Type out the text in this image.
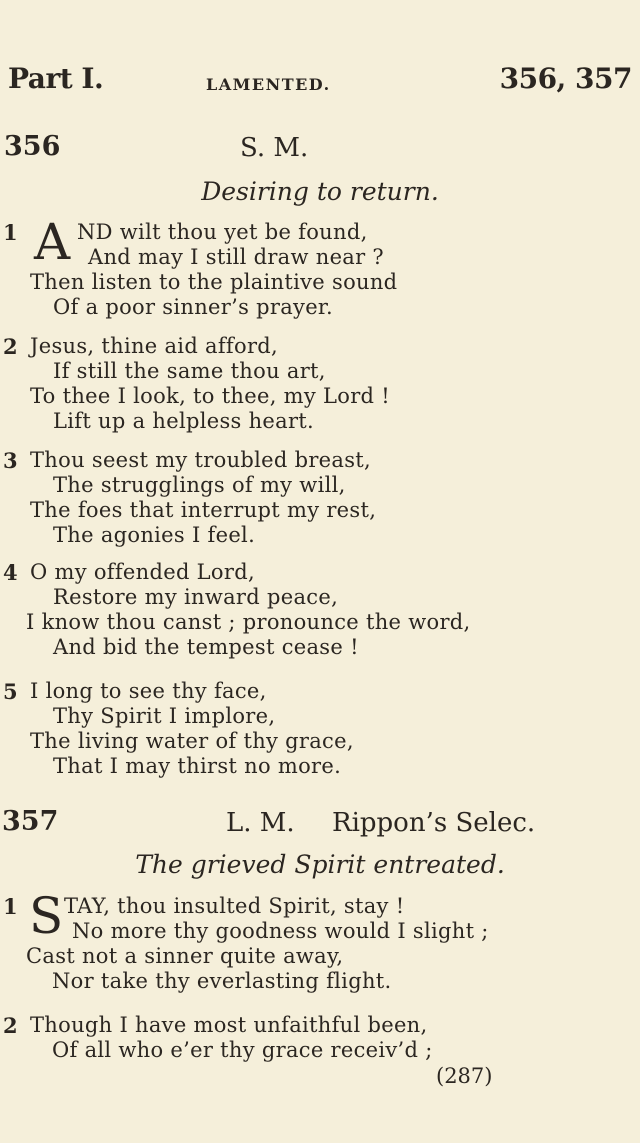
Part I.	LAMENTED.	356, 357
356	S. M.
Desiring to return.
1 A ND wilt thou yet be found,
And may I still draw near ?
Then listen to the plaintive sound
Of a poor sinner’s prayer.
2 Jesus, thine aid afford,
If still the same thou art,
To thee I look, to thee, my Lord !
Lift up a helpless heart.
3 Thou seest my troubled breast,
The strugglings of my will,
The foes that interrupt my rest,
The agonies I feel.
4 O my offended Lord,
Restore my inward peace,
I know thou canst ; pronounce the word,
And bid the tempest cease !
5 I long to see thy face,
Thy Spirit I implore,
The living water of thy grace,
That I may thirst no more.
357	L. M. Rippon’s Selec.
The grieved Spirit entreated.
1 S TAY, thou insulted Spirit, stay !
No more thy goodness would I slight ;
Cast not a sinner quite away,
Nor take thy everlasting flight.
2 Though I have most unfaithful been,
Of all who e’er thy grace receiv’d ;
(287)
